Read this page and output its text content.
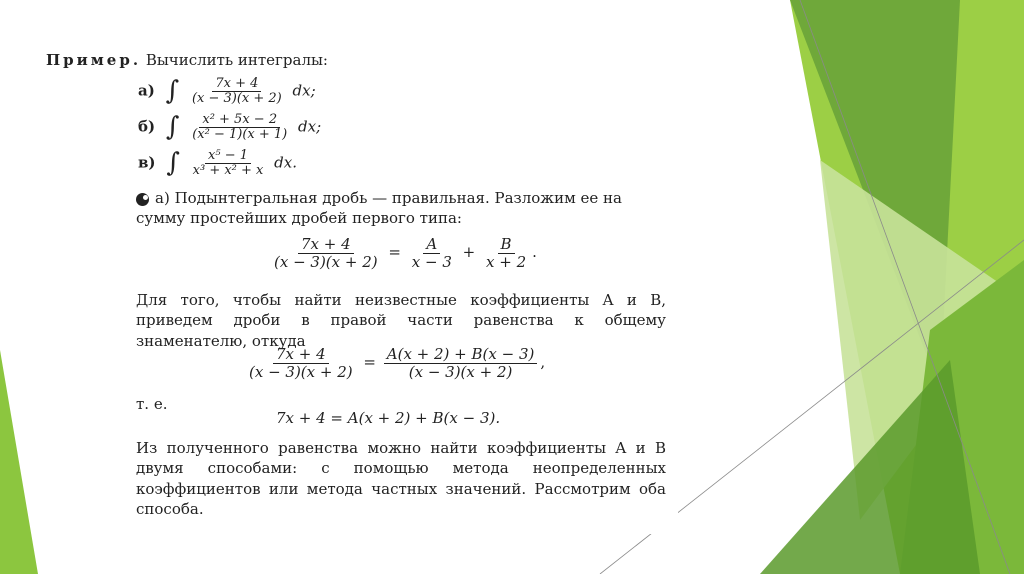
Пример. Вычислить интегралы:
а) ∫ $\frac{7x + 4}{(x - 3)(x + 2)}$ dx;
б) ∫ $\frac{\text{x² + 5x − 2}}{\text{(x² − 1)(x + 1)}}$ dx;
в) ∫ $\frac{\text{x⁵ − 1}}{\text{x³ + x² + x}}$ dx.
а) Подынтегральная дробь — правильная. Разложим ее на
сумму простейших дробей первого типа:
$\frac{7x + 4}{(x - 3)(x + 2)} = \frac{A}{x - 3} + \frac{B}{x + 2}$ .
Для того, чтобы найти неизвестные коэффициенты A и B, приведем дроби в правой части равенства к общему знаменателю, откуда
$\frac{7x + 4}{(x - 3)(x + 2)} = \frac{A(x + 2) + B(x - 3)}{(x - 3)(x + 2)}$ ,
т. е.
7x + 4 = A(x + 2) + B(x − 3).
Из полученного равенства можно найти коэффициенты A и B двумя способами: с помощью метода неопределенных коэффициентов или метода частных значений. Рассмотрим оба способа.
